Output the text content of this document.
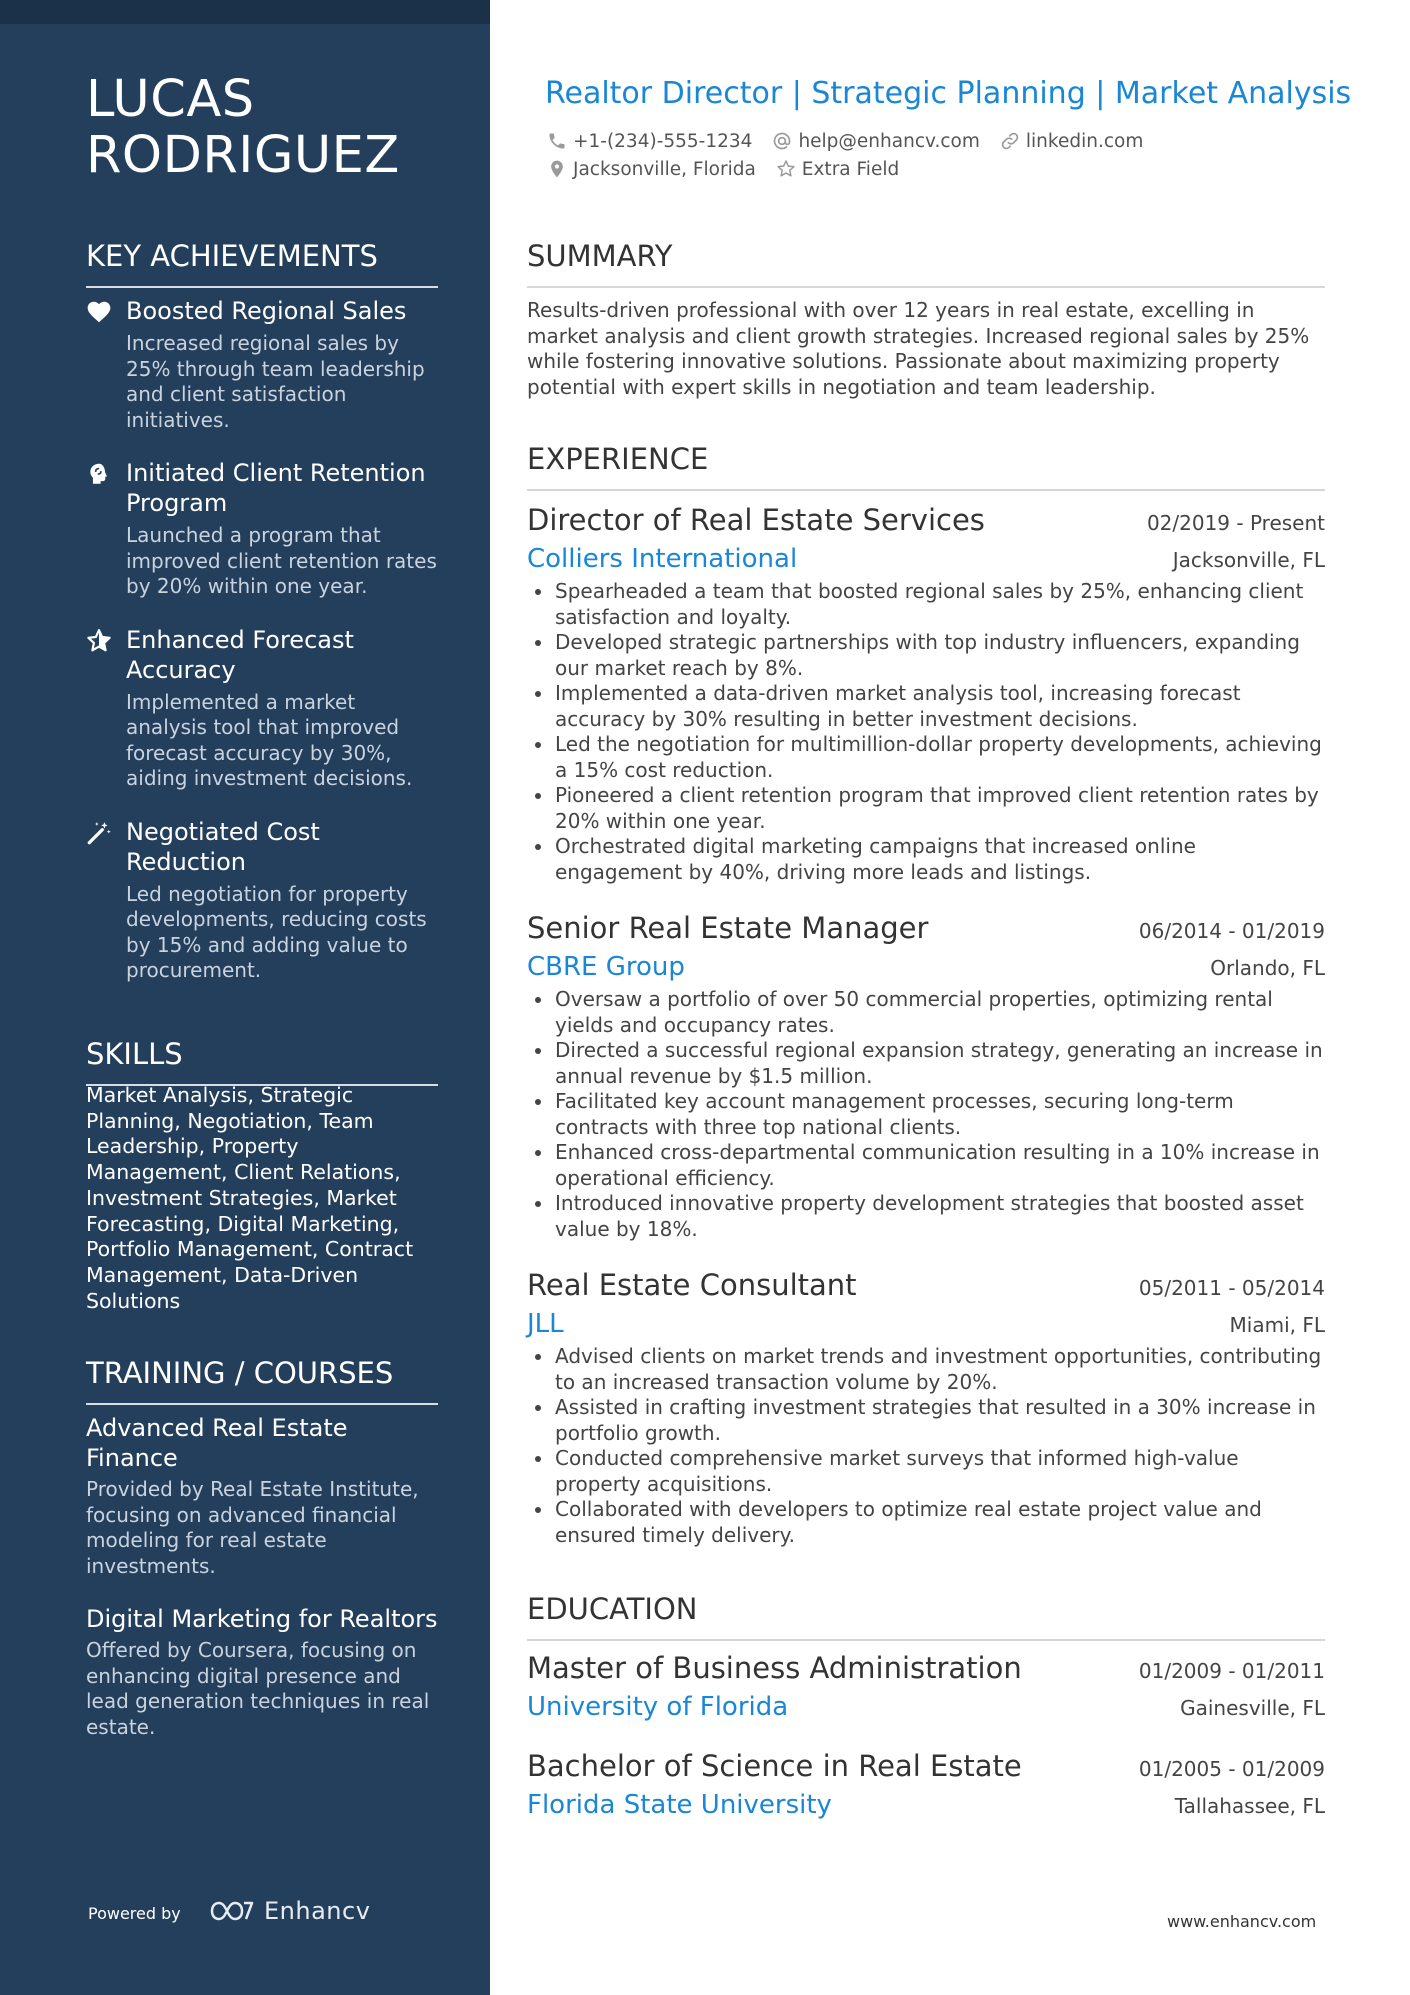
LUCAS RODRIGUEZ
KEY ACHIEVEMENTS
Boosted Regional Sales
Increased regional sales by 25% through team leadership and client satisfaction initiatives.
Initiated Client Retention Program
Launched a program that improved client retention rates by 20% within one year.
Enhanced Forecast Accuracy
Implemented a market analysis tool that improved forecast accuracy by 30%, aiding investment decisions.
Negotiated Cost Reduction
Led negotiation for property developments, reducing costs by 15% and adding value to procurement.
SKILLS
Market Analysis, Strategic Planning, Negotiation, Team Leadership, Property Management, Client Relations, Investment Strategies, Market Forecasting, Digital Marketing, Portfolio Management, Contract Management, Data-Driven Solutions
TRAINING / COURSES
Advanced Real Estate Finance
Provided by Real Estate Institute, focusing on advanced financial modeling for real estate investments.
Digital Marketing for Realtors
Offered by Coursera, focusing on enhancing digital presence and lead generation techniques in real estate.
Powered by	Enhancv
Realtor Director | Strategic Planning | Market Analysis
+1-(234)-555-1234 help@enhancv.com linkedin.com
Jacksonville, Florida Extra Field
SUMMARY

Results-driven professional with over 12 years in real estate, excelling in market analysis and client growth strategies. Increased regional sales by 25% while fostering innovative solutions. Passionate about maximizing property potential with expert skills in negotiation and team leadership.

EXPERIENCE
Director of Real Estate Services	02/2019 - Present
Colliers International	Jacksonville, FL
Spearheaded a team that boosted regional sales by 25%, enhancing client satisfaction and loyalty.
Developed strategic partnerships with top industry influencers, expanding our market reach by 8%.
Implemented a data-driven market analysis tool, increasing forecast accuracy by 30% resulting in better investment decisions.
Led the negotiation for multimillion-dollar property developments, achieving a 15% cost reduction.
Pioneered a client retention program that improved client retention rates by 20% within one year.
Orchestrated digital marketing campaigns that increased online engagement by 40%, driving more leads and listings.
Senior Real Estate Manager	06/2014 - 01/2019
CBRE Group	Orlando, FL
Oversaw a portfolio of over 50 commercial properties, optimizing rental yields and occupancy rates.
Directed a successful regional expansion strategy, generating an increase in annual revenue by $1.5 million.
Facilitated key account management processes, securing long-term contracts with three top national clients.
Enhanced cross-departmental communication resulting in a 10% increase in operational efficiency.
Introduced innovative property development strategies that boosted asset value by 18%.
Real Estate Consultant	05/2011 - 05/2014
JLL	Miami, FL
Advised clients on market trends and investment opportunities, contributing to an increased transaction volume by 20%.
Assisted in crafting investment strategies that resulted in a 30% increase in portfolio growth.
Conducted comprehensive market surveys that informed high-value property acquisitions.
Collaborated with developers to optimize real estate project value and ensured timely delivery.
EDUCATION
Master of Business Administration	01/2009 - 01/2011
University of Florida	Gainesville, FL
Bachelor of Science in Real Estate	01/2005 - 01/2009
Florida State University	Tallahassee, FL
www.enhancv.com
